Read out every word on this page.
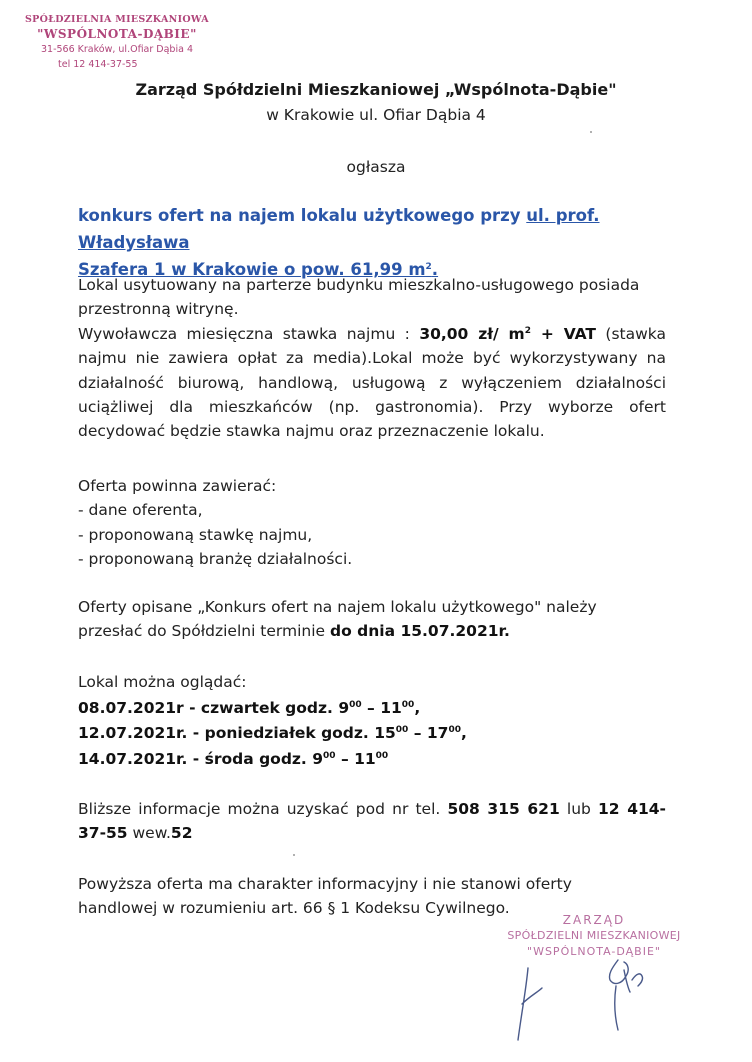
SPÓŁDZIELNIA MIESZKANIOWA
"WSPÓLNOTA-DĄBIE"
31-566 Kraków, ul.Ofiar Dąbia 4
tel 12 414-37-55
Zarząd Spółdzielni Mieszkaniowej „Wspólnota-Dąbie"
w Krakowie ul. Ofiar Dąbia 4
ogłasza
konkurs ofert na najem lokalu użytkowego przy ul. prof. Władysława
Szafera 1 w Krakowie o pow. 61,99 $m^2$.
Lokal usytuowany na parterze budynku mieszkalno-usługowego posiada
przestronną witrynę.
Wywoławcza miesięczna stawka najmu : 30,00 zł/ $m^2$ + VAT (stawka najmu nie zawiera opłat za media).Lokal może być wykorzystywany na działalność biurową, handlową, usługową z wyłączeniem działalności uciążliwej dla mieszkańców (np. gastronomia). Przy wyborze ofert decydować będzie stawka najmu oraz przeznaczenie lokalu.
Oferta powinna zawierać:
- dane oferenta,
- proponowaną stawkę najmu,
- proponowaną branżę działalności.
Oferty opisane „Konkurs ofert na najem lokalu użytkowego" należy
przesłać do Spółdzielni terminie do dnia 15.07.2021r.
Lokal można oglądać:
08.07.2021r - czwartek godz. $9^{00} - 11^{00}$,
12.07.2021r. - poniedziałek godz. $15^{00} - 17^{00}$,
14.07.2021r. - środa godz. $9^{00} - 11^{00}$
Bliższe informacje można uzyskać pod nr tel. 508 315 621 lub 12 414-37-55 wew.52
Powyższa oferta ma charakter informacyjny i nie stanowi oferty
handlowej w rozumieniu art. 66 § 1 Kodeksu Cywilnego.
ZARZĄD
SPÓŁDZIELNI MIESZKANIOWEJ
"WSPÓLNOTA-DĄBIE"
